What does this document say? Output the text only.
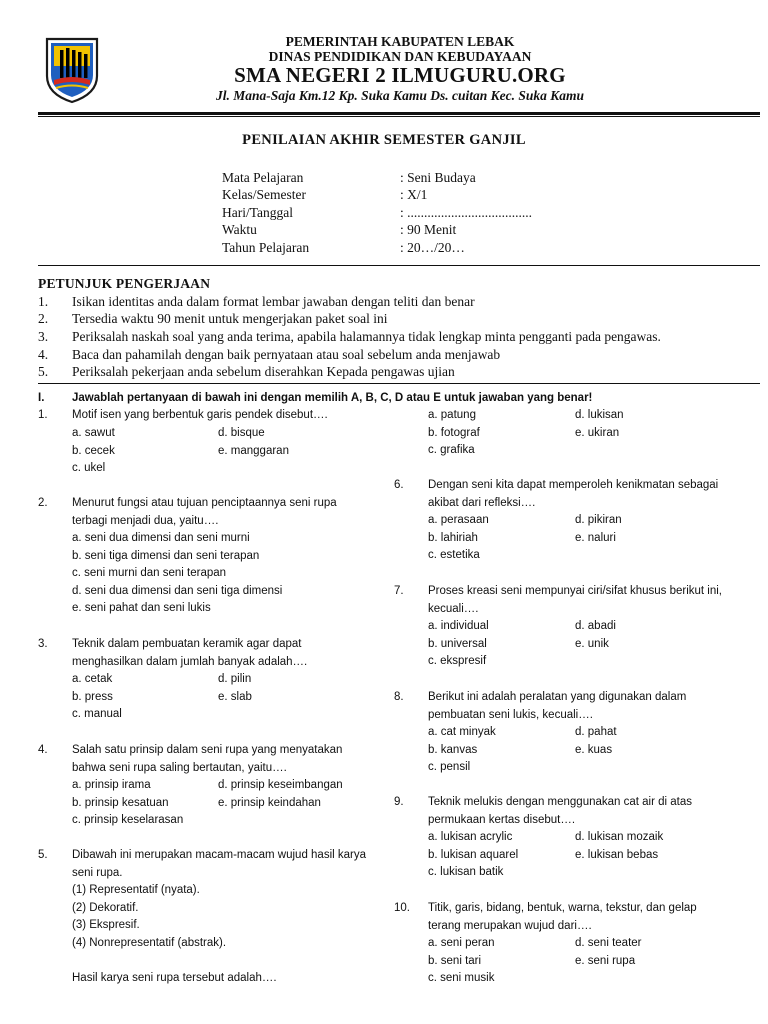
PEMERINTAH KABUPATEN LEBAK
DINAS PENDIDIKAN DAN KEBUDAYAAN
SMA NEGERI 2 ILMUGURU.ORG
Jl. Mana-Saja Km.12 Kp. Suka Kamu Ds. cuitan Kec. Suka Kamu
PENILAIAN AKHIR SEMESTER GANJIL
Mata Pelajaran	: Seni Budaya
Kelas/Semester	: X/1
Hari/Tanggal	: .....................................
Waktu	: 90 Menit
Tahun Pelajaran	: 20…/20…
PETUNJUK PENGERJAAN
1. Isikan identitas anda dalam format lembar jawaban dengan teliti dan benar
2. Tersedia waktu 90 menit untuk mengerjakan paket soal ini
3. Periksalah naskah soal yang anda terima, apabila halamannya tidak lengkap minta pengganti pada pengawas.
4. Baca dan pahamilah dengan baik pernyataan atau soal sebelum anda menjawab
5. Periksalah pekerjaan anda sebelum diserahkan Kepada pengawas ujian
I. Jawablah pertanyaan di bawah ini dengan memilih A, B, C, D atau E untuk jawaban yang benar!
1. Motif isen yang berbentuk garis pendek disebut….
a. sawut
b. cecek
c. ukel
d. bisque
e. manggaran
2. Menurut fungsi atau tujuan penciptaannya seni rupa
terbagi menjadi dua, yaitu….
a. seni dua dimensi dan seni murni
b. seni tiga dimensi dan seni terapan
c. seni murni dan seni terapan
d. seni dua dimensi dan seni tiga dimensi
e. seni pahat dan seni lukis
3. Teknik dalam pembuatan keramik agar dapat
menghasilkan dalam jumlah banyak adalah….
a. cetak
b. press
c. manual
d. pilin
e. slab
4. Salah satu prinsip dalam seni rupa yang menyatakan
bahwa seni rupa saling bertautan, yaitu….
a. prinsip irama
b. prinsip kesatuan
c. prinsip keselarasan
d. prinsip keseimbangan
e. prinsip keindahan
5. Dibawah ini merupakan macam-macam wujud hasil karya
seni rupa.
(1) Representatif (nyata).
(2) Dekoratif.
(3) Ekspresif.
(4) Nonrepresentatif (abstrak).
Hasil karya seni rupa tersebut adalah….
a. patung
b. fotograf
c. grafika
d. lukisan
e. ukiran
6. Dengan seni kita dapat memperoleh kenikmatan sebagai
akibat dari refleksi….
a. perasaan
b. lahiriah
c. estetika
d. pikiran
e. naluri
7. Proses kreasi seni mempunyai ciri/sifat khusus berikut ini,
kecuali….
a. individual
b. universal
c. ekspresif
d. abadi
e. unik
8. Berikut ini adalah peralatan yang digunakan dalam
pembuatan seni lukis, kecuali….
a. cat minyak
b. kanvas
c. pensil
d. pahat
e. kuas
9. Teknik melukis dengan menggunakan cat air di atas
permukaan kertas disebut….
a. lukisan acrylic
b. lukisan aquarel
c. lukisan batik
d. lukisan mozaik
e. lukisan bebas
10. Titik, garis, bidang, bentuk, warna, tekstur, dan gelap
terang merupakan wujud dari….
a. seni peran
b. seni tari
c. seni musik
d. seni teater
e. seni rupa
